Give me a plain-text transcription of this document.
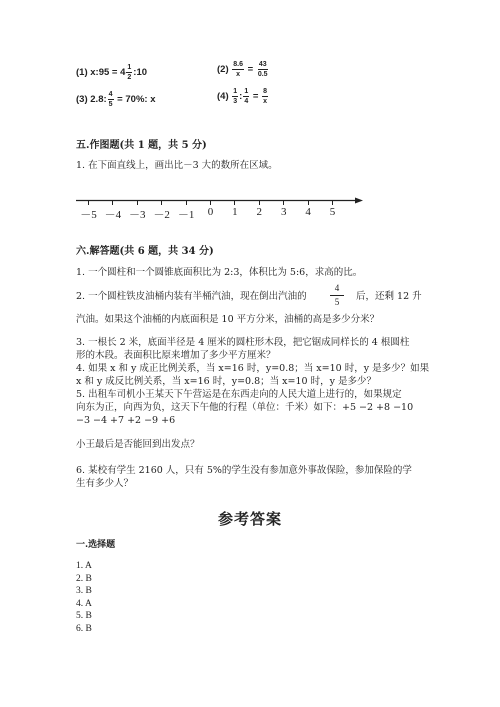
(1) x:95 = $4 \frac{1}{2}$ :10	$(2) \frac{8.6}{x} = \frac{43}{0.5}$
(3) 2.8: $\frac{4}{5} = 70\%$: x	$(4) \frac{1}{3}$ : $\frac{1}{4} = \frac{8}{x}$
五.作图题(共 1 题，共 5 分)
1. 在下面直线上，画出比－3 大的数所在区域。
－5 －4 －3 －2 －1 0 1 2 3 4 5
六.解答题(共 6 题，共 34 分)
1. 一个圆柱和一个圆锥底面积比为 2:3，体积比为 5:6，求高的比。
2. 一个圆柱铁皮油桶内装有半桶汽油，现在倒出汽油的	$\frac{4}{5}$ 后，还剩 12 升
汽油。如果这个油桶的内底面积是 10 平方分米，油桶的高是多少分米？
3. 一根长 2 米，底面半径是 4 厘米的圆柱形木段，把它锯成同样长的 4 根圆柱
形的木段。表面积比原来增加了多少平方厘米？
4. 如果 x 和 y 成正比例关系，当 x=16 时，y=0.8；当 x=10 时，y 是多少？如果
x 和 y 成反比例关系，当 x=16 时，y=0.8；当 x=10 时，y 是多少？
5. 出租车司机小王某天下午营运是在东西走向的人民大道上进行的，如果规定
向东为正，向西为负，这天下午他的行程（单位：千米）如下：+5 −2 +8 −10
−3 −4 +7 +2 −9 +6
小王最后是否能回到出发点？
6. 某校有学生 2160 人，只有 5%的学生没有参加意外事故保险，参加保险的学
生有多少人？
参考答案
一.选择题
1. A
2. B
3. B
4. A
5. B
6. B
